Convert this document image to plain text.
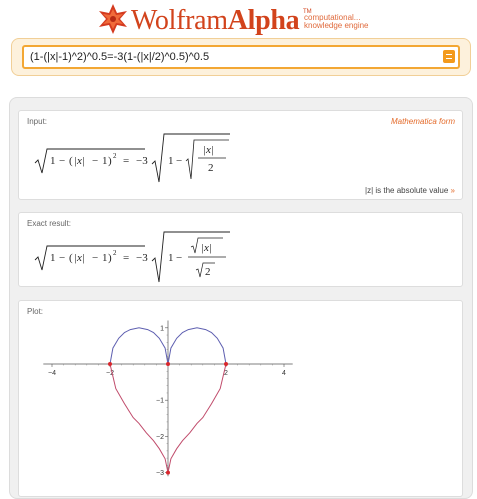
WolframAlpha TM
computational...
knowledge engine
(1-(|x|-1)^2)^0.5=-3(1-(|x|/2)^0.5)^0.5
Input:	Mathematica form
1 − ( |x| − 1 ) 2 = −3 1 −
|x|
2
|z| is the absolute value »
Exact result:
1 − ( |x| − 1 ) 2 = −3 1 −
|x|
2
Plot:
−4	−2	2	4
−3
−2
−1
1
